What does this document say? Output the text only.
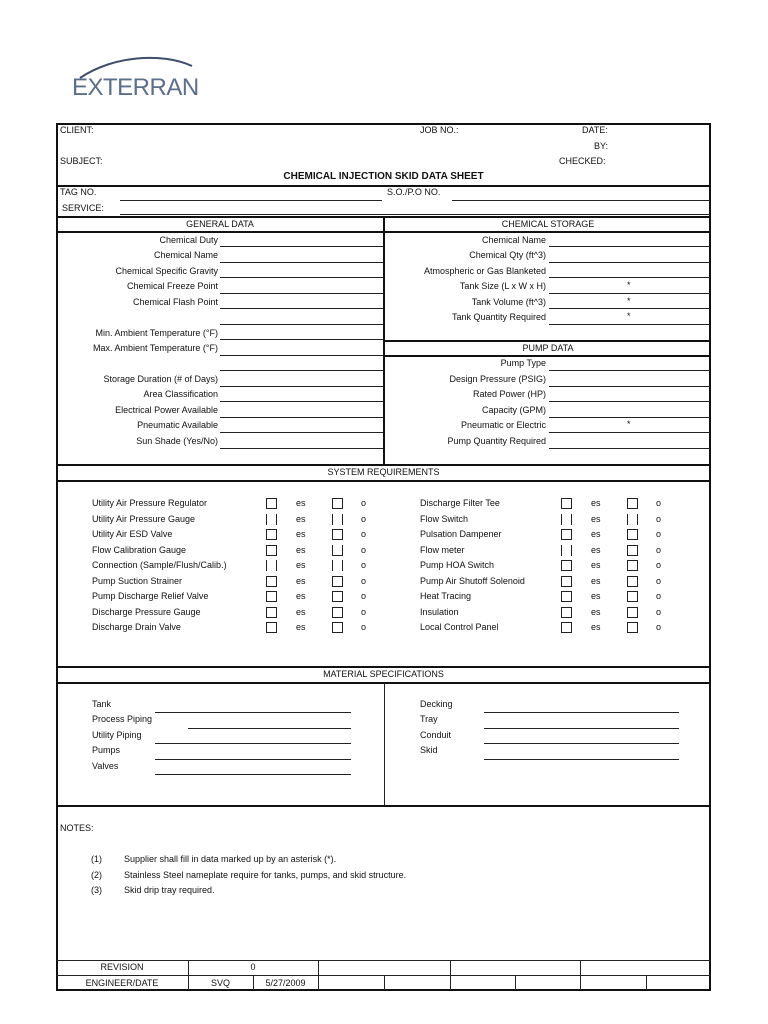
EXTERRAN
CLIENT:	JOB NO.:	DATE:
BY:
SUBJECT:	CHECKED:
CHEMICAL INJECTION SKID DATA SHEET
TAG NO.	S.O./P.O NO.
SERVICE:
GENERAL DATA	CHEMICAL STORAGE
Chemical Duty
Chemical Name
Chemical Specific Gravity
Chemical Freeze Point
Chemical Flash Point
Min. Ambient Temperature (°F)
Max. Ambient Temperature (°F)
Storage Duration (# of Days)
Area Classification
Electrical Power Available
Pneumatic Available
Sun Shade (Yes/No)
Chemical Name
Chemical Qty (ft^3)
Atmospheric or Gas Blanketed
Tank Size (L x W x H)	*
Tank Volume (ft^3)	*
Tank Quantity Required	*
PUMP DATA
Pump Type
Design Pressure (PSIG)
Rated Power (HP)
Capacity (GPM)
Pneumatic or Electric	*
Pump Quantity Required
SYSTEM REQUIREMENTS
Utility Air Pressure Regulator	es	o
Utility Air Pressure Gauge	es	o
Utility Air ESD Valve	es	o
Flow Calibration Gauge	es	o
Connection (Sample/Flush/Calib.)	es	o
Pump Suction Strainer	es	o
Pump Discharge Relief Valve	es	o
Discharge Pressure Gauge	es	o
Discharge Drain Valve	es	o
Discharge Filter Tee	es	o
Flow Switch	es	o
Pulsation Dampener	es	o
Flow meter	es	o
Pump HOA Switch	es	o
Pump Air Shutoff Solenoid	es	o
Heat Tracing	es	o
Insulation	es	o
Local Control Panel	es	o
MATERIAL SPECIFICATIONS
Tank
Process Piping
Utility Piping
Pumps
Valves
Decking
Tray
Conduit
Skid
NOTES:
(1) Supplier shall fill in data marked up by an asterisk (*).
(2) Stainless Steel nameplate require for tanks, pumps, and skid structure.
(3) Skid drip tray required.
REVISION	0
ENGINEER/DATE	SVQ	5/27/2009
